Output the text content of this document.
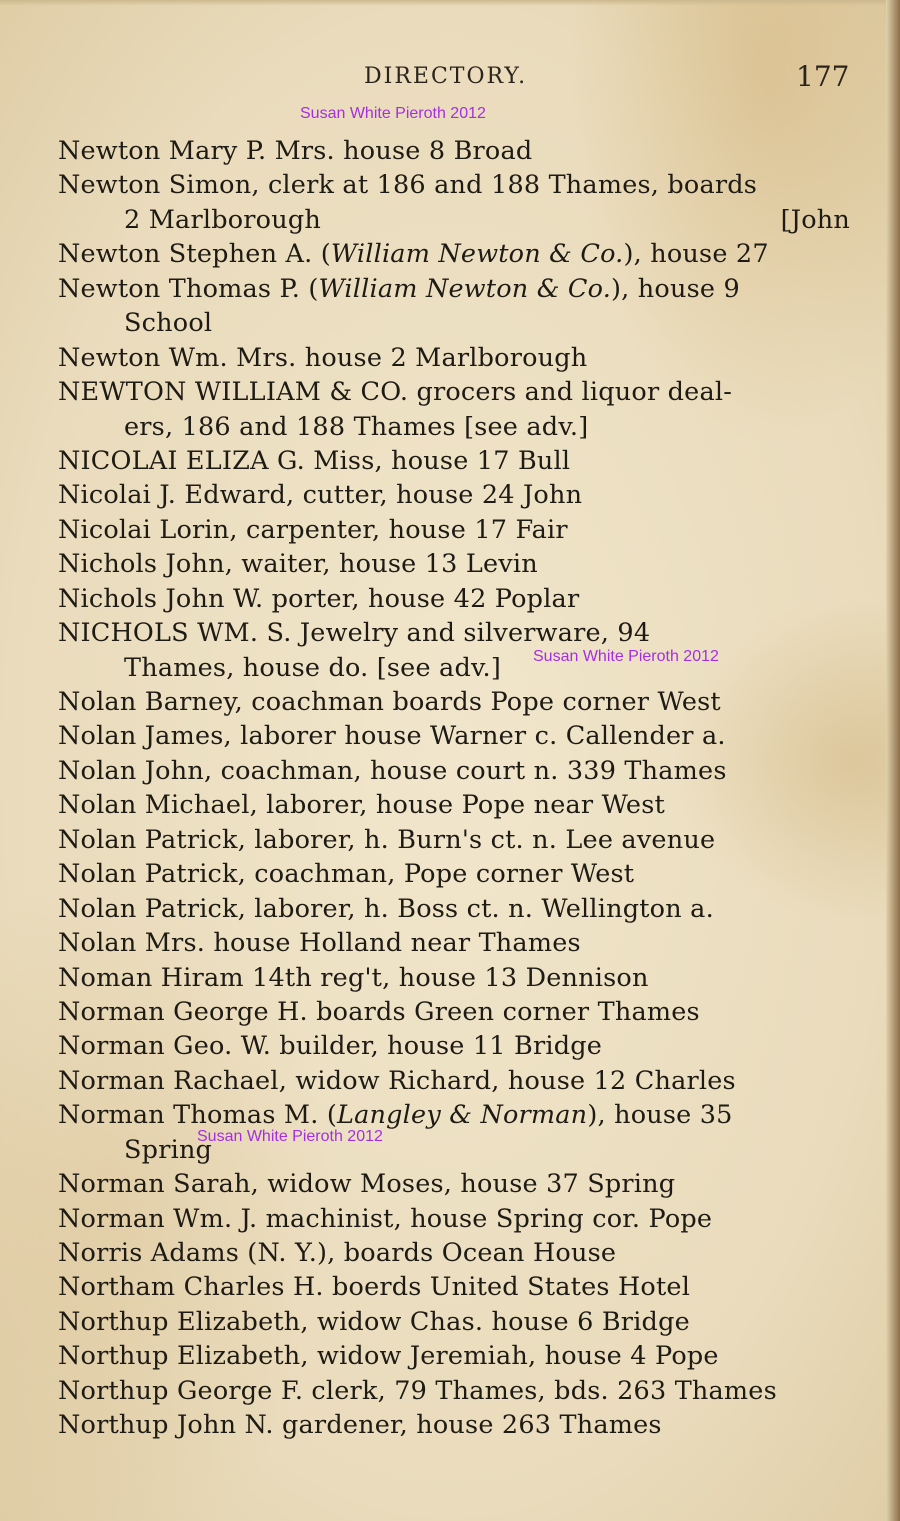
DIRECTORY.	177
Susan White Pieroth 2012
Newton Mary P. Mrs. house 8 Broad
Newton Simon, clerk at 186 and 188 Thames, boards
2 Marlborough	[John
Newton Stephen A. (William Newton & Co.), house 27
Newton Thomas P. (William Newton & Co.), house 9
School
Newton Wm. Mrs. house 2 Marlborough
NEWTON WILLIAM & CO. grocers and liquor deal-
ers, 186 and 188 Thames [see adv.]
NICOLAI ELIZA G. Miss, house 17 Bull
Nicolai J. Edward, cutter, house 24 John
Nicolai Lorin, carpenter, house 17 Fair
Nichols John, waiter, house 13 Levin
Nichols John W. porter, house 42 Poplar
NICHOLS WM. S. Jewelry and silverware, 94
Thames, house do. [see adv.]
Nolan Barney, coachman boards Pope corner West
Nolan James, laborer house Warner c. Callender a.
Nolan John, coachman, house court n. 339 Thames
Nolan Michael, laborer, house Pope near West
Nolan Patrick, laborer, h. Burn's ct. n. Lee avenue
Nolan Patrick, coachman, Pope corner West
Nolan Patrick, laborer, h. Boss ct. n. Wellington a.
Nolan Mrs. house Holland near Thames
Noman Hiram 14th reg't, house 13 Dennison
Norman George H. boards Green corner Thames
Norman Geo. W. builder, house 11 Bridge
Norman Rachael, widow Richard, house 12 Charles
Norman Thomas M. (Langley & Norman), house 35
Spring
Norman Sarah, widow Moses, house 37 Spring
Norman Wm. J. machinist, house Spring cor. Pope
Norris Adams (N. Y.), boards Ocean House
Northam Charles H. boerds United States Hotel
Northup Elizabeth, widow Chas. house 6 Bridge
Northup Elizabeth, widow Jeremiah, house 4 Pope
Northup George F. clerk, 79 Thames, bds. 263 Thames
Northup John N. gardener, house 263 Thames
Susan White Pieroth 2012
Susan White Pieroth 2012
